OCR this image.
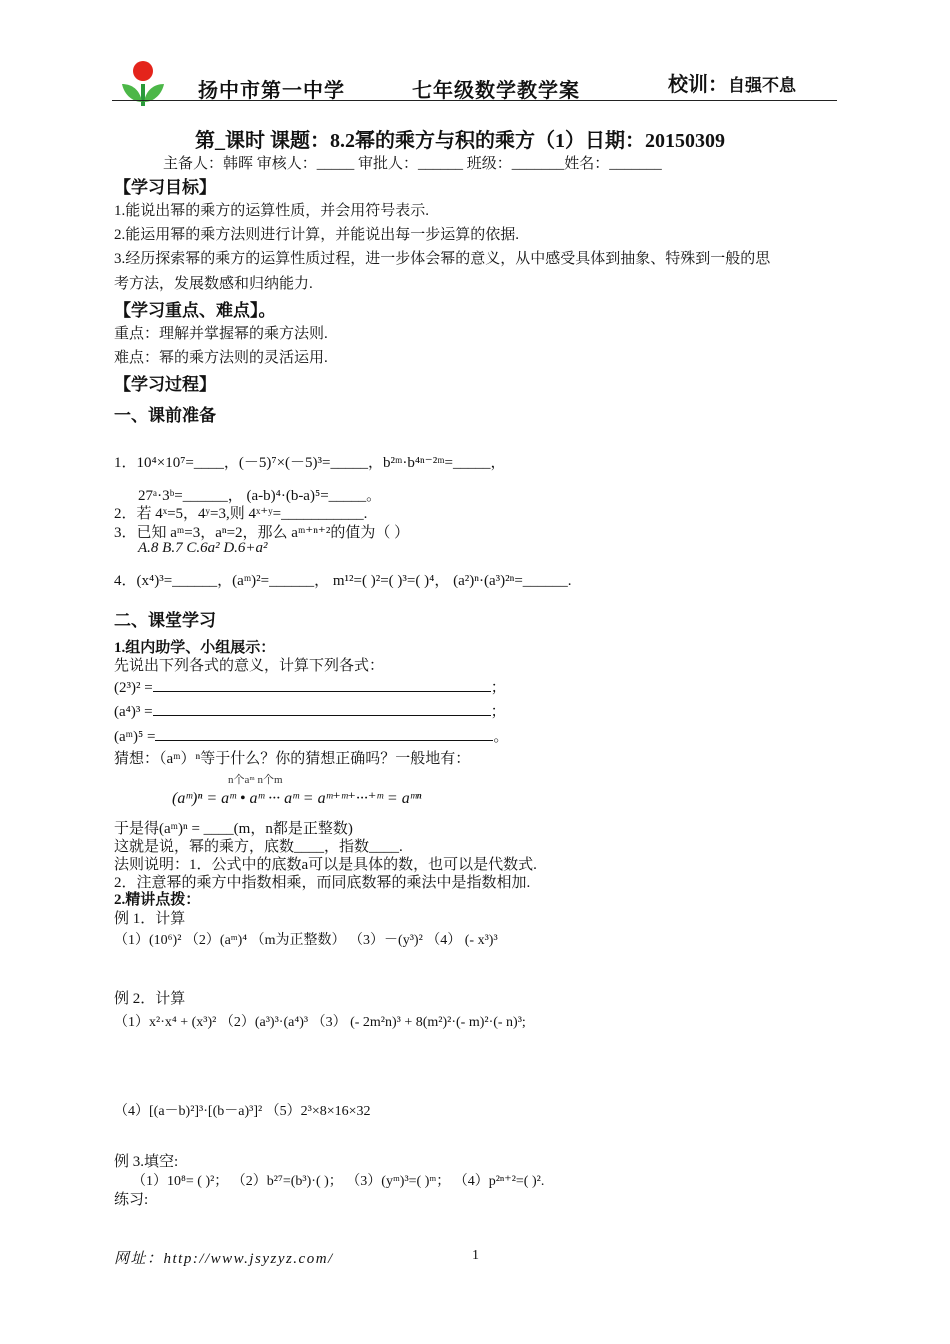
扬中市第一中学	七年级数学教学案	校训：自强不息
第_课时 课题：8.2幂的乘方与积的乘方（1）日期：20150309
主备人：韩晖 审核人：_____ 审批人：______ 班级：_______姓名：_______
【学习目标】
1.能说出幂的乘方的运算性质，并会用符号表示.
2.能运用幂的乘方法则进行计算，并能说出每一步运算的依据.
3.经历探索幂的乘方的运算性质过程，进一步体会幂的意义，从中感受具体到抽象、特殊到一般的思
考方法，发展数感和归纳能力.
【学习重点、难点】。
重点：理解并掌握幂的乘方法则.
难点：幂的乘方法则的灵活运用.
【学习过程】
一、课前准备
1．10⁴×10⁷=____，(－5)⁷×(－5)³=_____，b²ᵐ·b⁴ⁿ⁻²ᵐ=_____，
27ᵃ·3ᵇ=______， (a-b)⁴·(b-a)⁵=_____。
2．若 4ˣ=5，4ʸ=3,则 4ˣ⁺ʸ=___________.
3．已知 aᵐ=3，aⁿ=2，那么 aᵐ⁺ⁿ⁺²的值为（ ）
A.8 B.7 C.6a² D.6+a²
4．(x⁴)³=______，(aᵐ)²=______， m¹²=( )²=( )³=( )⁴， (a²)ⁿ·(a³)²ⁿ=______.
二、课堂学习
1.组内助学、小组展示：
先说出下列各式的意义，计算下列各式：
(2³)² =	；
(a⁴)³ =	；
(aᵐ)⁵ =	。
猜想：（aᵐ）ⁿ等于什么？你的猜想正确吗？一般地有：
n个aᵐ n个m
(aᵐ)ⁿ = aᵐ • aᵐ ··· aᵐ = aᵐ⁺ᵐ⁺···⁺ᵐ = aᵐⁿ
于是得(aᵐ)ⁿ = ____(m，n都是正整数)
这就是说，幂的乘方，底数____，指数____.
法则说明：1．公式中的底数a可以是具体的数，也可以是代数式.
2．注意幂的乘方中指数相乘，而同底数幂的乘法中是指数相加.
2.精讲点拨：
例 1．计算
（1）(10⁶)² （2）(aᵐ)⁴ （m为正整数） （3）－(y³)² （4） (- x³)³
例 2．计算
（1）x²·x⁴ + (x³)² （2）(a³)³·(a⁴)³ （3） (- 2m²n)³ + 8(m²)²·(- m)²·(- n)³;
（4）[(a－b)²]³·[(b－a)³]² （5）2³×8×16×32
例 3.填空:
（1）10⁸= ( )²； （2）b²⁷=(b³)·( )； （3）(yᵐ)³=( )ᵐ； （4）p²ⁿ⁺²=( )².
练习:
网址：http://www.jsyzyz.com/	1
